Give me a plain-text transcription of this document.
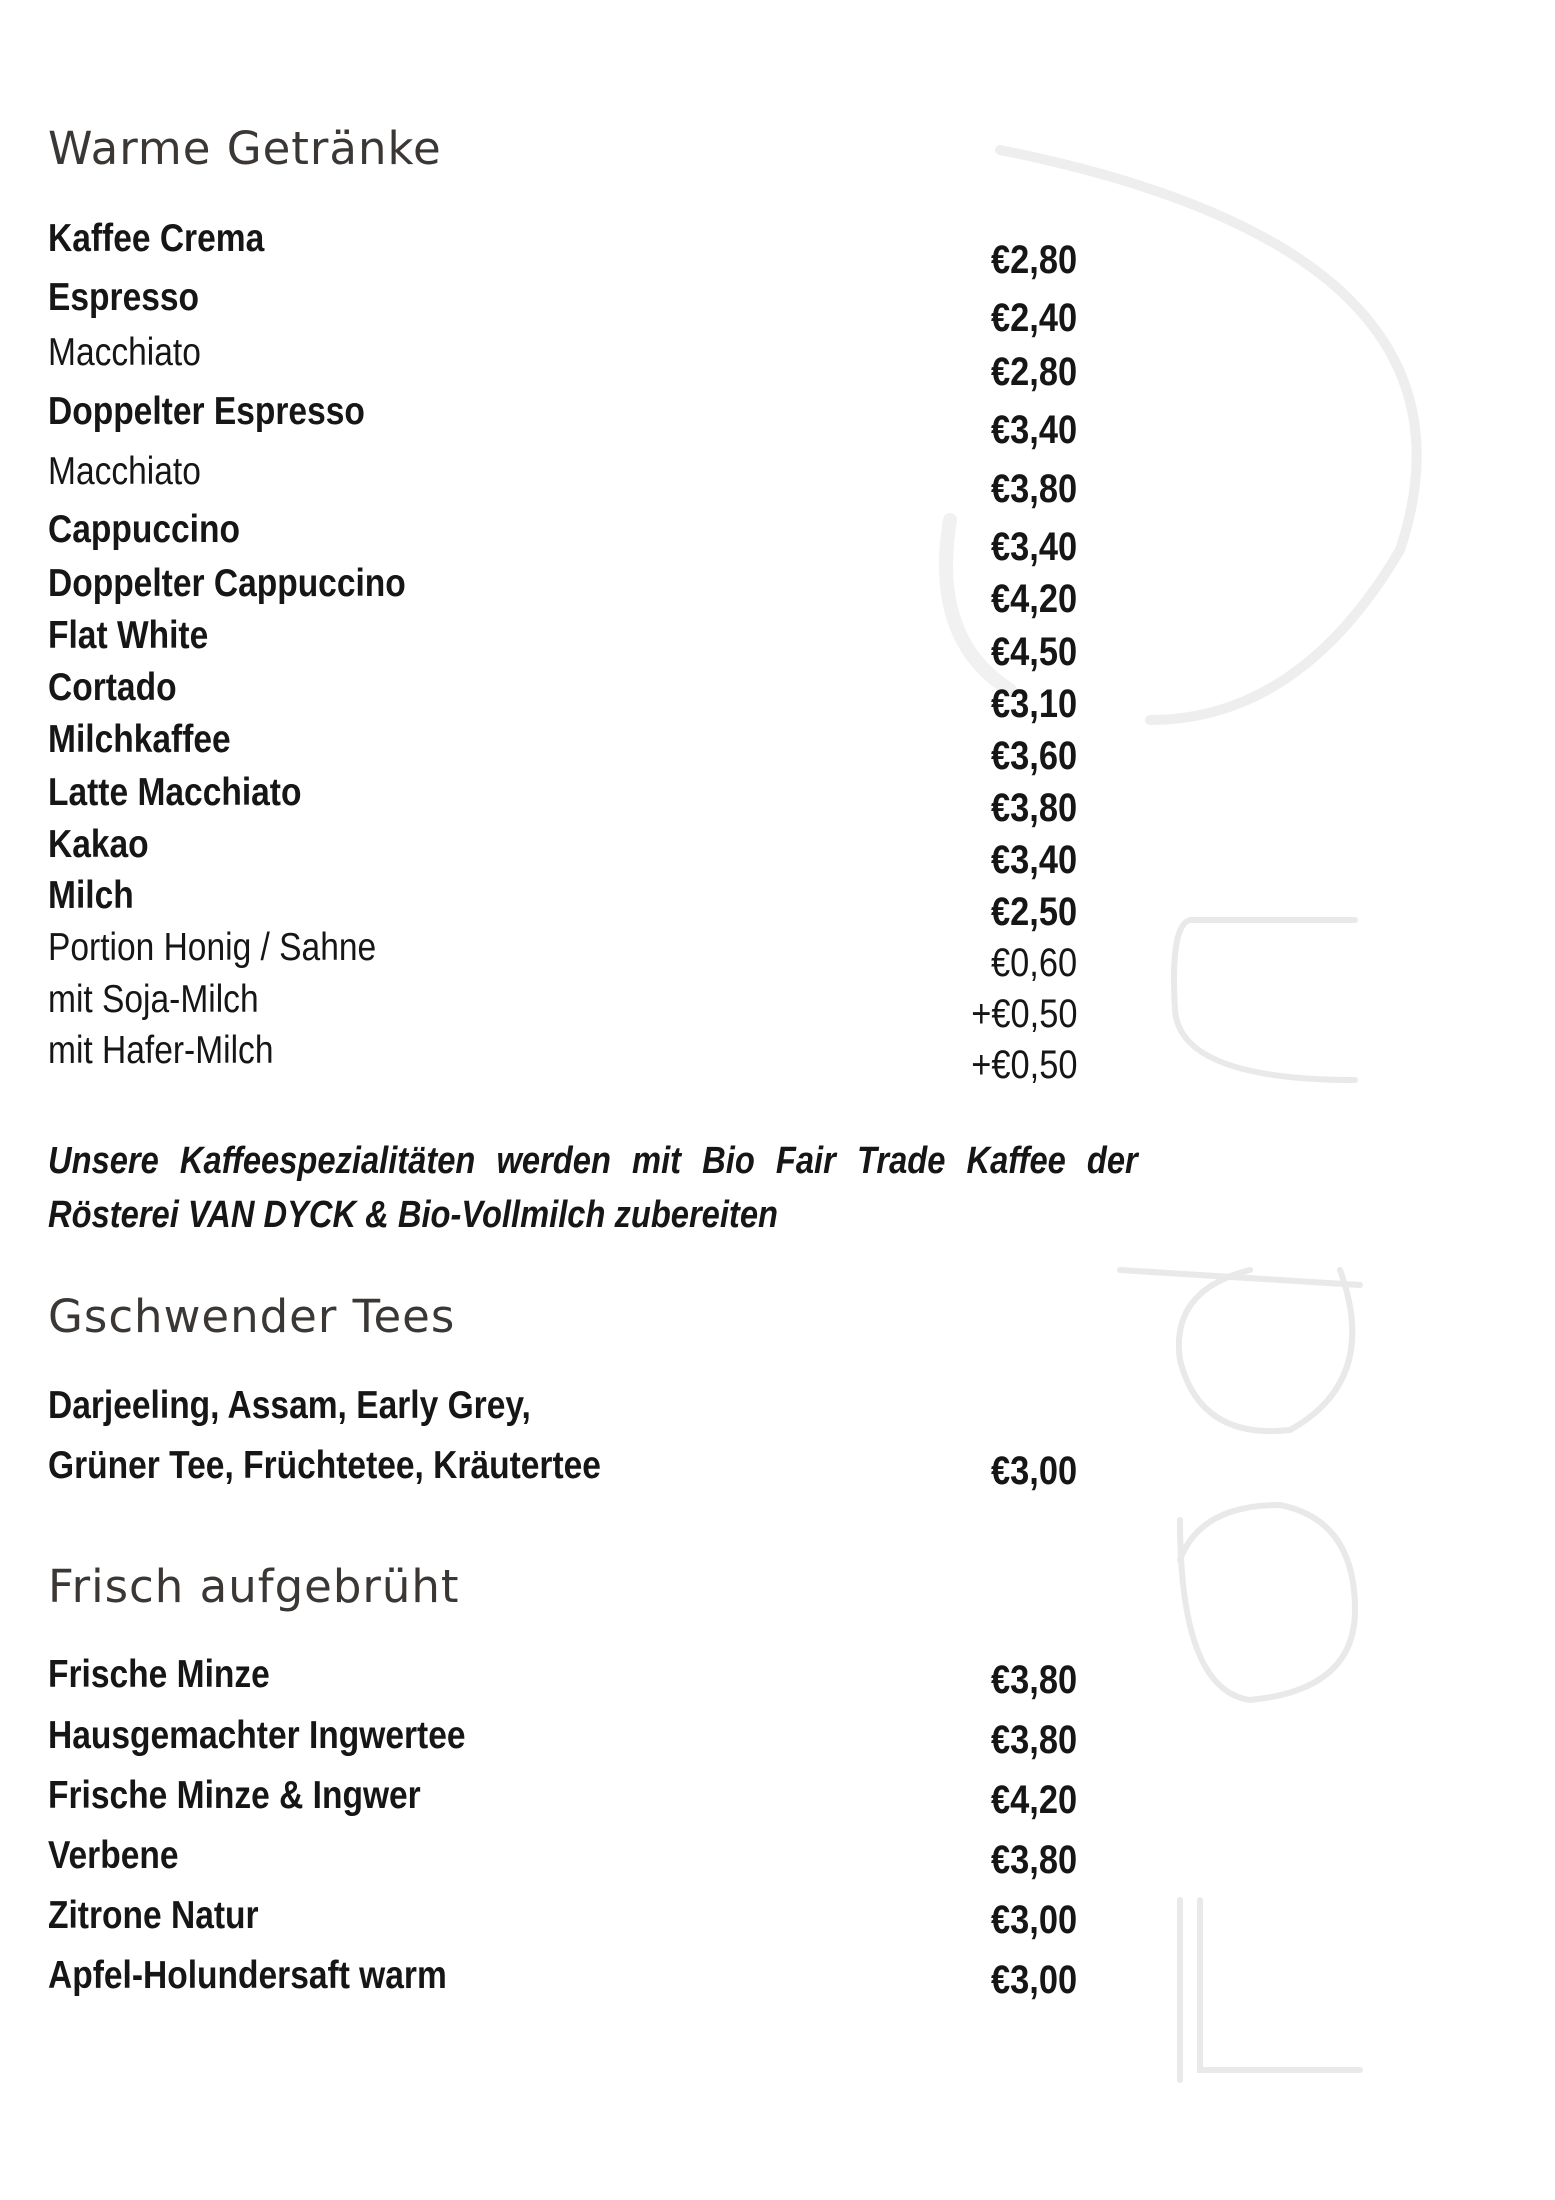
Warme Getränke
Kaffee Crema	€2,80
Espresso	€2,40
Macchiato	€2,80
Doppelter Espresso	€3,40
Macchiato	€3,80
Cappuccino	€3,40
Doppelter Cappuccino	€4,20
Flat White	€4,50
Cortado	€3,10
Milchkaffee	€3,60
Latte Macchiato	€3,80
Kakao	€3,40
Milch	€2,50
Portion Honig / Sahne	€0,60
mit Soja-Milch	+€0,50
mit Hafer-Milch	+€0,50
Unsere Kaffeespezialitäten werden mit Bio Fair Trade Kaffee der
Rösterei VAN DYCK & Bio-Vollmilch zubereiten
Gschwender Tees
Darjeeling, Assam, Early Grey,
Grüner Tee, Früchtetee, Kräutertee	€3,00
Frisch aufgebrüht
Frische Minze	€3,80
Hausgemachter Ingwertee	€3,80
Frische Minze & Ingwer	€4,20
Verbene	€3,80
Zitrone Natur	€3,00
Apfel-Holundersaft warm	€3,00
